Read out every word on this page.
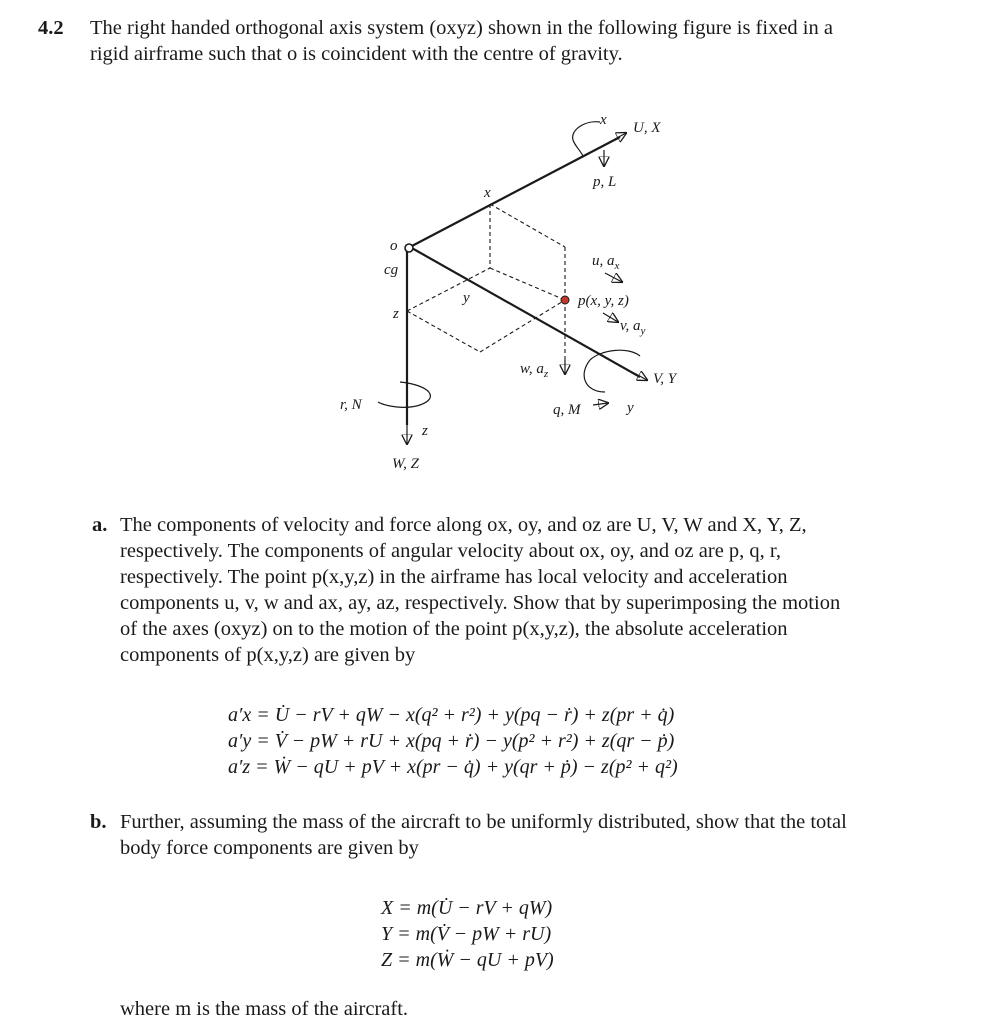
4.2 The right handed orthogonal axis system (oxyz) shown in the following figure is fixed in a
rigid airframe such that o is coincident with the centre of gravity.
x U, X
p, L
x
o
cg
z
y
u, $a_x$
p(x, y, z)
v, $a_y$
w, $a_z$	V, Y
q, M	y
r, N
z
W, Z
a. The components of velocity and force along ox, oy, and oz are U, V, W and X, Y, Z,
respectively. The components of angular velocity about ox, oy, and oz are p, q, r,
respectively. The point p(x,y,z) in the airframe has local velocity and acceleration
components u, v, w and ax, ay, az, respectively. Show that by superimposing the motion
of the axes (oxyz) on to the motion of the point p(x,y,z), the absolute acceleration
components of p(x,y,z) are given by
a′x = U̇ − rV + qW − x(q² + r²) + y(pq − ṙ) + z(pr + q̇)
a′y = V̇ − pW + rU + x(pq + ṙ) − y(p² + r²) + z(qr − ṗ)
a′z = Ẇ − qU + pV + x(pr − q̇) + y(qr + ṗ) − z(p² + q²)
b. Further, assuming the mass of the aircraft to be uniformly distributed, show that the total
body force components are given by
X = m(U̇ − rV + qW)
Y = m(V̇ − pW + rU)
Z = m(Ẇ − qU + pV)
where m is the mass of the aircraft.
